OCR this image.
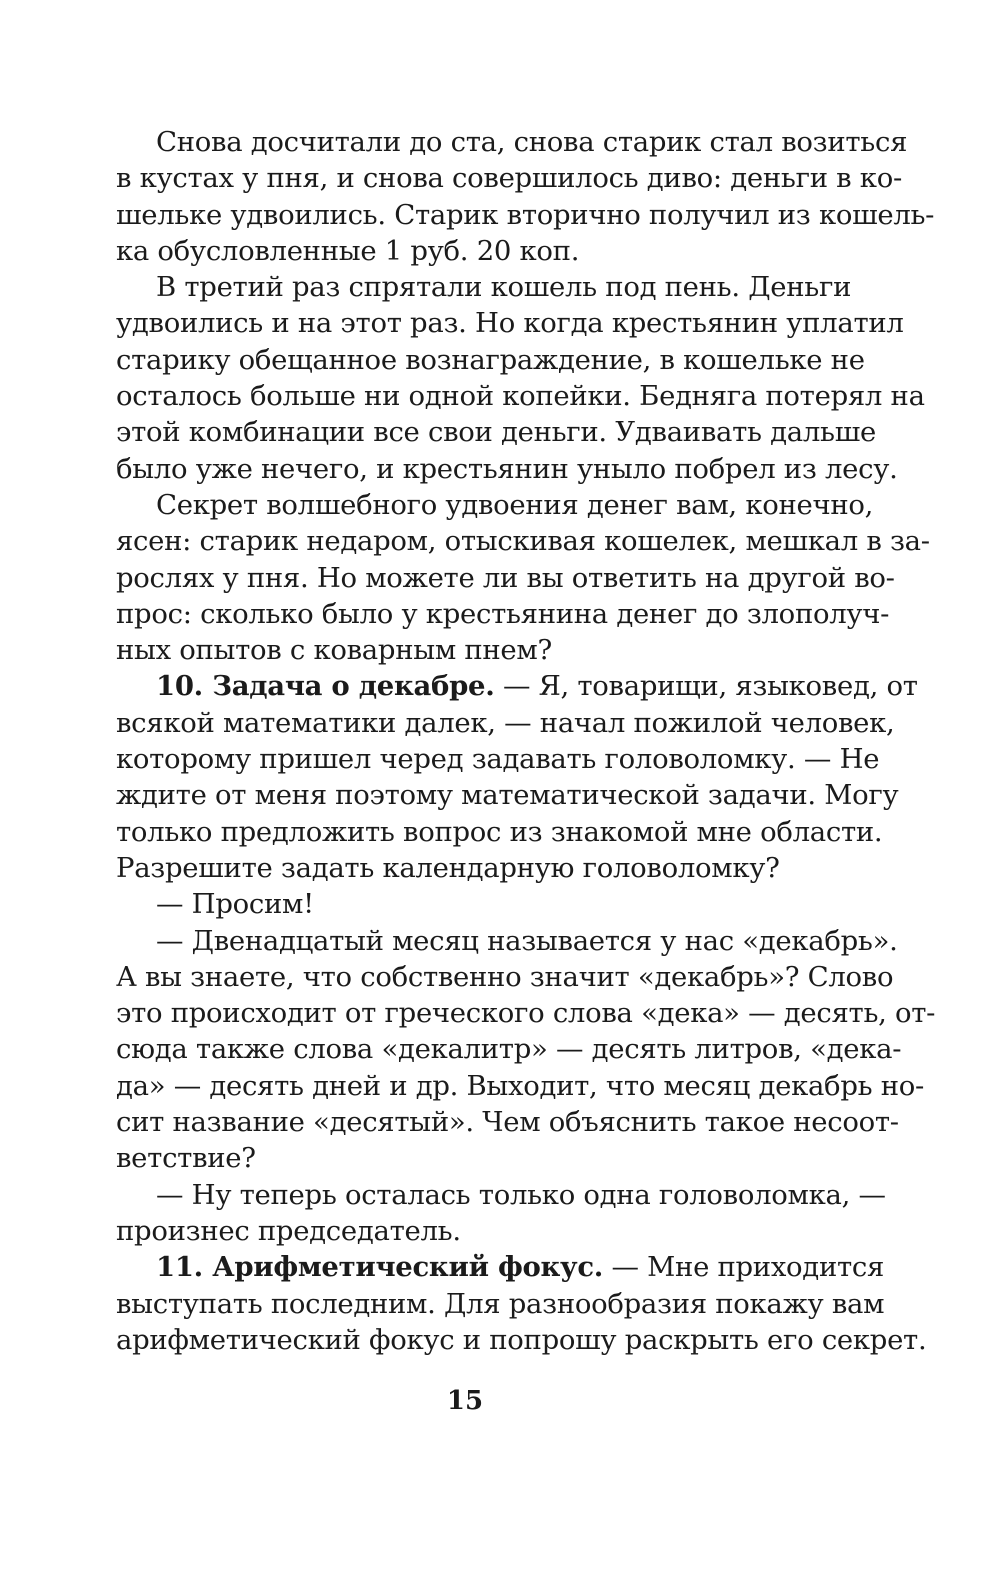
Снова досчитали до ста, снова старик стал возиться
в кустах у пня, и снова совершилось диво: деньги в ко-
шельке удвоились. Старик вторично получил из кошель-
ка обусловленные 1 руб. 20 коп.
В третий раз спрятали кошель под пень. Деньги
удвоились и на этот раз. Но когда крестьянин уплатил
старику обещанное вознаграждение, в кошельке не
осталось больше ни одной копейки. Бедняга потерял на
этой комбинации все свои деньги. Удваивать дальше
было уже нечего, и крестьянин уныло побрел из лесу.
Секрет волшебного удвоения денег вам, конечно,
ясен: старик недаром, отыскивая кошелек, мешкал в за-
рослях у пня. Но можете ли вы ответить на другой во-
прос: сколько было у крестьянина денег до злополуч-
ных опытов с коварным пнем?
10. Задача о декабре. — Я, товарищи, языковед, от
всякой математики далек, — начал пожилой человек,
которому пришел черед задавать головоломку. — Не
ждите от меня поэтому математической задачи. Могу
только предложить вопрос из знакомой мне области.
Разрешите задать календарную головоломку?
— Просим!
— Двенадцатый месяц называется у нас «декабрь».
А вы знаете, что собственно значит «декабрь»? Слово
это происходит от греческого слова «дека» — десять, от-
сюда также слова «декалитр» — десять литров, «дека-
да» — десять дней и др. Выходит, что месяц декабрь но-
сит название «десятый». Чем объяснить такое несоот-
ветствие?
— Ну теперь осталась только одна головоломка, —
произнес председатель.
11. Арифметический фокус. — Мне приходится
выступать последним. Для разнообразия покажу вам
арифметический фокус и попрошу раскрыть его секрет.
15
